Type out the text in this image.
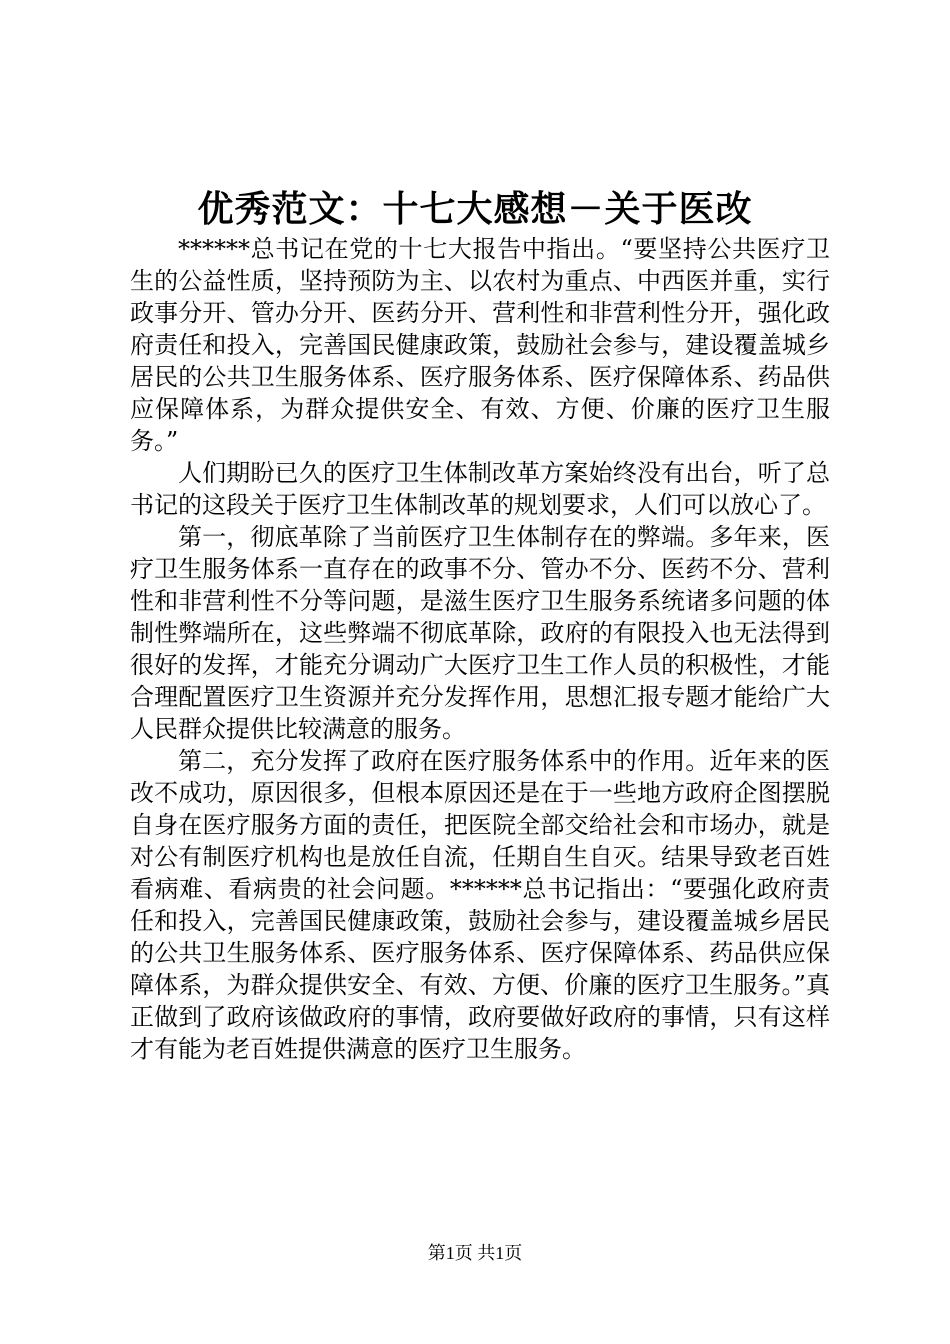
优秀范文：十七大感想－关于医改

******总书记在党的十七大报告中指出。“要坚持公共医疗卫生的公益性质，坚持预防为主、以农村为重点、中西医并重，实行政事分开、管办分开、医药分开、营利性和非营利性分开，强化政府责任和投入，完善国民健康政策，鼓励社会参与，建设覆盖城乡居民的公共卫生服务体系、医疗服务体系、医疗保障体系、药品供应保障体系，为群众提供安全、有效、方便、价廉的医疗卫生服务。”

人们期盼已久的医疗卫生体制改革方案始终没有出台，听了总书记的这段关于医疗卫生体制改革的规划要求，人们可以放心了。

第一，彻底革除了当前医疗卫生体制存在的弊端。多年来，医疗卫生服务体系一直存在的政事不分、管办不分、医药不分、营利性和非营利性不分等问题，是滋生医疗卫生服务系统诸多问题的体制性弊端所在，这些弊端不彻底革除，政府的有限投入也无法得到很好的发挥，才能充分调动广大医疗卫生工作人员的积极性，才能合理配置医疗卫生资源并充分发挥作用，思想汇报专题才能给广大人民群众提供比较满意的服务。

第二，充分发挥了政府在医疗服务体系中的作用。近年来的医改不成功，原因很多，但根本原因还是在于一些地方政府企图摆脱自身在医疗服务方面的责任，把医院全部交给社会和市场办，就是对公有制医疗机构也是放任自流，任期自生自灭。结果导致老百姓看病难、看病贵的社会问题。******总书记指出：“要强化政府责任和投入，完善国民健康政策，鼓励社会参与，建设覆盖城乡居民的公共卫生服务体系、医疗服务体系、医疗保障体系、药品供应保障体系，为群众提供安全、有效、方便、价廉的医疗卫生服务。”真正做到了政府该做政府的事情，政府要做好政府的事情，只有这样才有能为老百姓提供满意的医疗卫生服务。

第1页 共1页
